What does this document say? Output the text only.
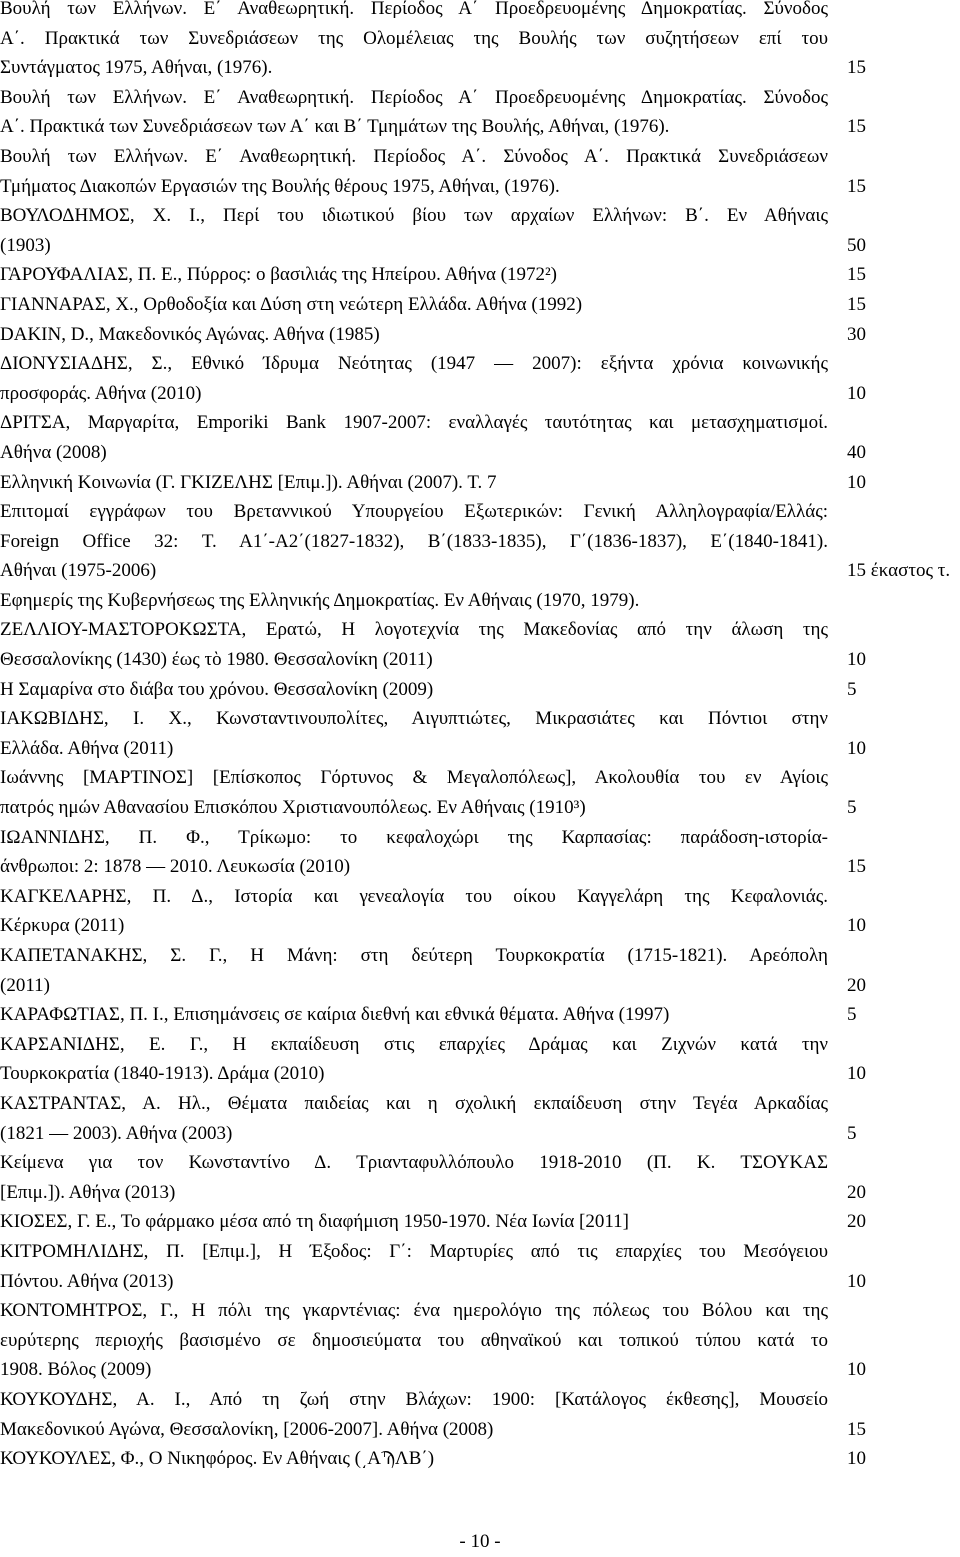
Βουλή των Ελλήνων. Ε΄ Αναθεωρητική. Περίοδος Α΄ Προεδρευομένης Δημοκρατίας. Σύνοδος
Α΄. Πρακτικά των Συνεδριάσεων της Ολομέλειας της Βουλής των συζητήσεων επί του
Συντάγματος 1975, Αθήναι, (1976).	15
Βουλή των Ελλήνων. Ε΄ Αναθεωρητική. Περίοδος Α΄ Προεδρευομένης Δημοκρατίας. Σύνοδος
Α΄. Πρακτικά των Συνεδριάσεων των Α΄ και Β΄ Τμημάτων της Βουλής, Αθήναι, (1976).	15
Βουλή των Ελλήνων. Ε΄ Αναθεωρητική. Περίοδος Α΄. Σύνοδος Α΄. Πρακτικά Συνεδριάσεων
Τμήματος Διακοπών Εργασιών της Βουλής θέρους 1975, Αθήναι, (1976).	15
ΒΟΥΛΟΔΗΜΟΣ, Χ. Ι., Περί του ιδιωτικού βίου των αρχαίων Ελλήνων: Β΄. Εν Αθήναις
(1903)	50
ΓΑΡΟΥΦΑΛΙΑΣ, Π. Ε., Πύρρος: ο βασιλιάς της Ηπείρου. Αθήνα (1972²)	15
ΓΙΑΝΝΑΡΑΣ, Χ., Ορθοδοξία και Δύση στη νεώτερη Ελλάδα. Αθήνα (1992)	15
DAKIN, D., Μακεδονικός Αγώνας. Αθήνα (1985)	30
ΔΙΟΝΥΣΙΑΔΗΣ, Σ., Εθνικό Ίδρυμα Νεότητας (1947 — 2007): εξήντα χρόνια κοινωνικής
προσφοράς. Αθήνα (2010)	10
ΔΡΙΤΣΑ, Μαργαρίτα, Emporiki Bank 1907-2007: εναλλαγές ταυτότητας και μετασχηματισμοί.
Αθήνα (2008)	40
Ελληνική Κοινωνία (Γ. ΓΚΙΖΕΛΗΣ [Επιμ.]). Αθήναι (2007). Τ. 7	10
Επιτομαί εγγράφων του Βρεταννικού Υπουργείου Εξωτερικών: Γενική Αλληλογραφία/Ελλάς:
Foreign Office 32: Τ. Α1΄-Α2΄(1827-1832), Β΄(1833-1835), Γ΄(1836-1837), Ε΄(1840-1841).
Αθήναι (1975-2006)	15 έκαστος τ.
Εφημερίς της Κυβερνήσεως της Ελληνικής Δημοκρατίας. Εν Αθήναις (1970, 1979).
ΖΕΛΛΙΟΥ-ΜΑΣΤΟΡΟΚΩΣΤΑ, Ερατώ, Η λογοτεχνία της Μακεδονίας από την άλωση της
Θεσσαλονίκης (1430) έως τὸ 1980. Θεσσαλονίκη (2011)	10
Η Σαμαρίνα στο διάβα του χρόνου. Θεσσαλονίκη (2009)	5
ΙΑΚΩΒΙΔΗΣ, Ι. Χ., Κωνσταντινουπολίτες, Αιγυπτιώτες, Μικρασιάτες και Πόντιοι στην
Ελλάδα. Αθήνα (2011)	10
Ιωάννης [ΜΑΡΤΙΝΟΣ] [Επίσκοπος Γόρτυνος & Μεγαλοπόλεως], Ακολουθία του εν Αγίοις
πατρός ημών Αθανασίου Επισκόπου Χριστιανουπόλεως. Εν Αθήναις (1910³)	5
ΙΩΑΝΝΙΔΗΣ, Π. Φ., Τρίκωμο: το κεφαλοχώρι της Καρπασίας: παράδοση-ιστορία-
άνθρωποι: 2: 1878 — 2010. Λευκωσία (2010)	15
ΚΑΓΚΕΛΑΡΗΣ, Π. Δ., Ιστορία και γενεαλογία του οίκου Καγγελάρη της Κεφαλονιάς.
Κέρκυρα (2011)	10
ΚΑΠΕΤΑΝΑΚΗΣ, Σ. Γ., Η Μάνη: στη δεύτερη Τουρκοκρατία (1715-1821). Αρεόπολη
(2011)	20
ΚΑΡΑΦΩΤΙΑΣ, Π. Ι., Επισημάνσεις σε καίρια διεθνή και εθνικά θέματα. Αθήνα (1997)	5
ΚΑΡΣΑΝΙΔΗΣ, Ε. Γ., Η εκπαίδευση στις επαρχίες Δράμας και Ζιχνών κατά την
Τουρκοκρατία (1840-1913). Δράμα (2010)	10
ΚΑΣΤΡΑΝΤΑΣ, Α. Ηλ., Θέματα παιδείας και η σχολική εκπαίδευση στην Τεγέα Αρκαδίας
(1821 — 2003). Αθήνα (2003)	5
Κείμενα για τον Κωνσταντίνο Δ. Τριανταφυλλόπουλο 1918-2010 (Π. Κ. ΤΣΟΥΚΑΣ
[Επιμ.]). Αθήνα (2013)	20
ΚΙΟΣΕΣ, Γ. Ε., Το φάρμακο μέσα από τη διαφήμιση 1950-1970. Νέα Ιωνία [2011]	20
ΚΙΤΡΟΜΗΛΙΔΗΣ, Π. [Επιμ.], Η Έξοδος: Γ΄: Μαρτυρίες από τις επαρχίες του Μεσόγειου
Πόντου. Αθήνα (2013)	10
ΚΟΝΤΟΜΗΤΡΟΣ, Γ., Η πόλι της γκαρντένιας: ένα ημερολόγιο της πόλεως του Βόλου και της
ευρύτερης περιοχής βασισμένο σε δημοσιεύματα του αθηναϊκού και τοπικού τύπου κατά το
1908. Βόλος (2009)	10
ΚΟΥΚΟΥΔΗΣ, Α. Ι., Από τη ζωή στην Βλάχων: 1900: [Κατάλογος έκθεσης], Μουσείο
Μακεδονικού Αγώνα, Θεσσαλονίκη, [2006-2007]. Αθήνα (2008)	15
ΚΟΥΚΟΥΛΕΣ, Φ., Ο Νικηφόρος. Εν Αθήναις (͵ΑϠΛΒ΄)	10
- 10 -
